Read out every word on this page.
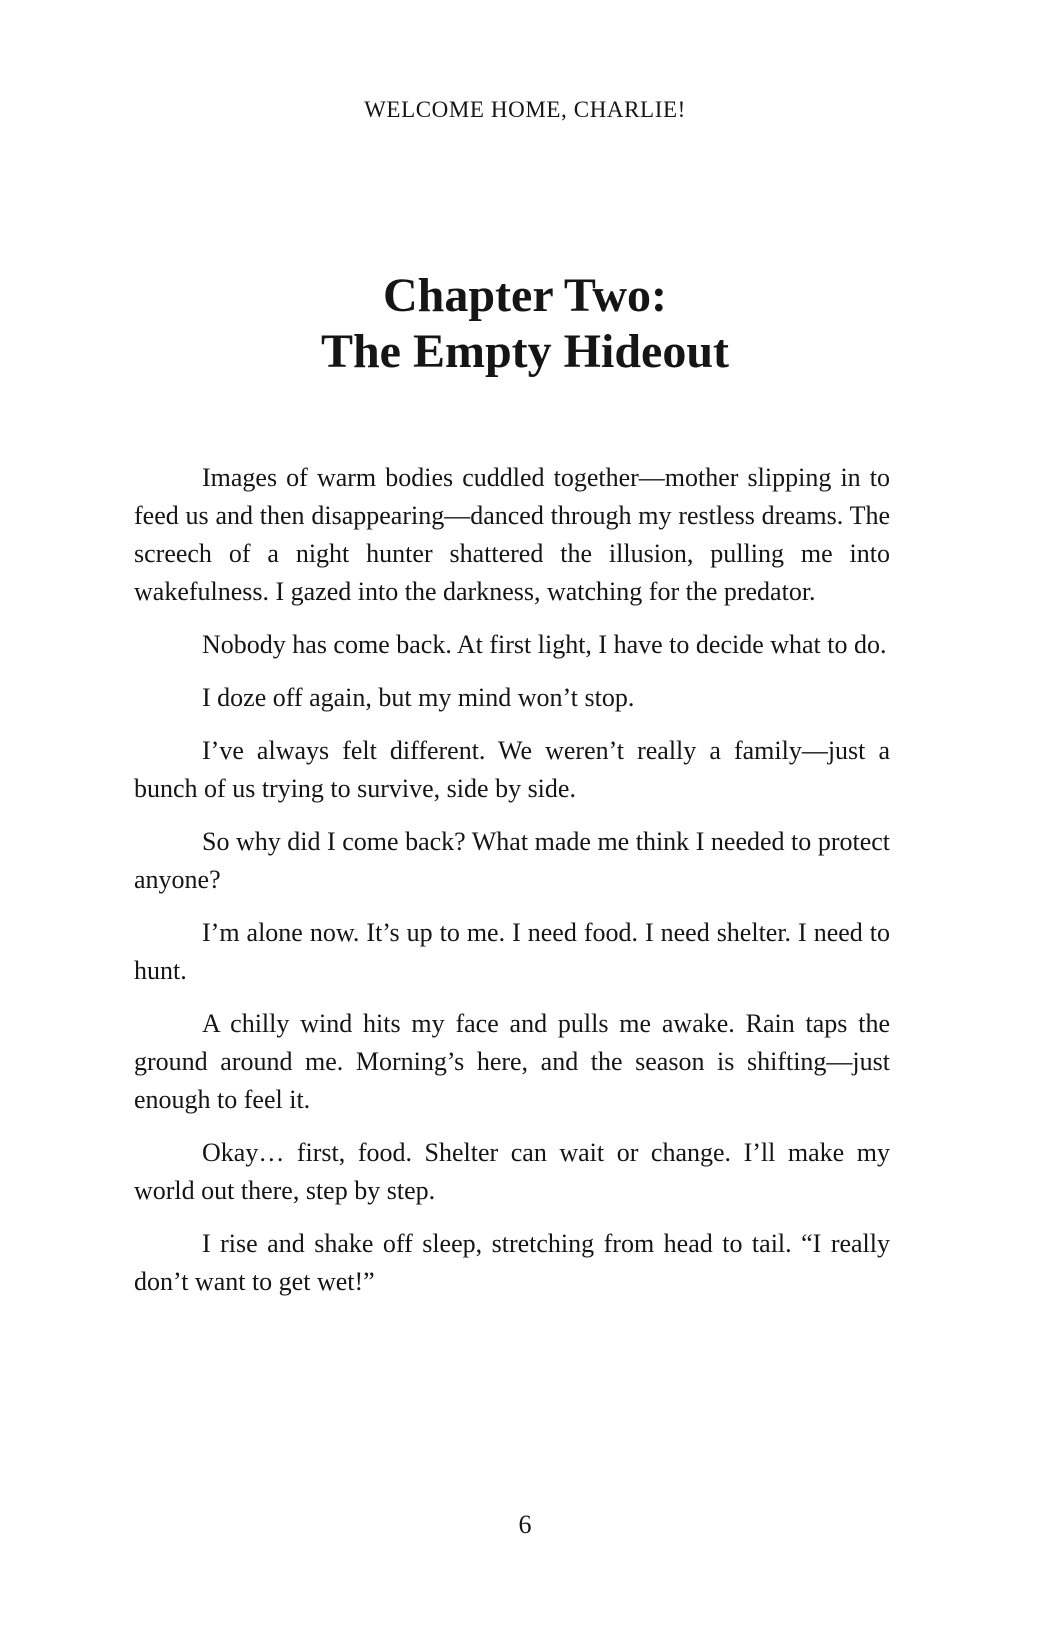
WELCOME HOME, CHARLIE!
Chapter Two:
The Empty Hideout

Images of warm bodies cuddled together—mother slipping in to feed us and then disappearing—danced through my restless dreams. The screech of a night hunter shattered the illusion, pulling me into wakefulness. I gazed into the darkness, watching for the predator.

Nobody has come back. At first light, I have to decide what to do.

I doze off again, but my mind won’t stop.

I’ve always felt different. We weren’t really a family—just a bunch of us trying to survive, side by side.

So why did I come back? What made me think I needed to protect anyone?

I’m alone now. It’s up to me. I need food. I need shelter. I need to hunt.

A chilly wind hits my face and pulls me awake. Rain taps the ground around me. Morning’s here, and the season is shifting—just enough to feel it.

Okay… first, food. Shelter can wait or change. I’ll make my world out there, step by step.

I rise and shake off sleep, stretching from head to tail. “I really don’t want to get wet!”

6
